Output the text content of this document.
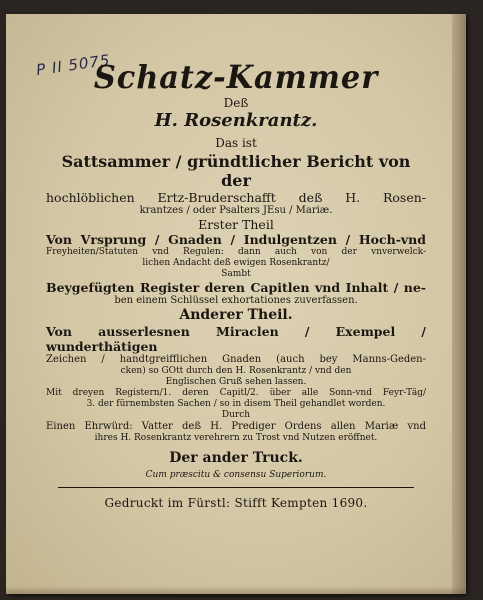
P II 5075
Schatz-Kammer
Deß
H. Rosenkrantz.
Das ist
Sattsammer / gründtlicher Bericht von der
hochlöblichen Ertz-Bruderschafft deß H. Rosen-
krantzes / oder Psalters JEsu / Mariæ.
Erster Theil
Von Vrsprung / Gnaden / Indulgentzen / Hoch-vnd
Freyheiten/Statuten vnd Regulen: dann auch von der vnverwelck-
lichen Andacht deß ewigen Rosenkrantz/
Sambt
Beygefügten Register deren Capitlen vnd Inhalt / ne-
ben einem Schlüssel exhortationes zuverfassen.
Anderer Theil.
Von ausserlesnen Miraclen / Exempel / wunderthätigen
Zeichen / handtgreifflichen Gnaden (auch bey Manns-Geden-
cken) so GOtt durch den H. Rosenkrantz / vnd den
Englischen Gruß sehen lassen.
Mit dreyen Registern/1. deren Capitl/2. über alle Sonn-vnd Feyr-Täg/
3. der fürnembsten Sachen / so in disem Theil gehandlet worden.
Durch
Einen Ehrwürd: Vatter deß H. Prediger Ordens allen Mariæ vnd
ihres H. Rosenkrantz verehrern zu Trost vnd Nutzen eröffnet.
Der ander Truck.
Cum præscitu & consensu Superiorum.
Gedruckt im Fürstl: Stifft Kempten 1690.
